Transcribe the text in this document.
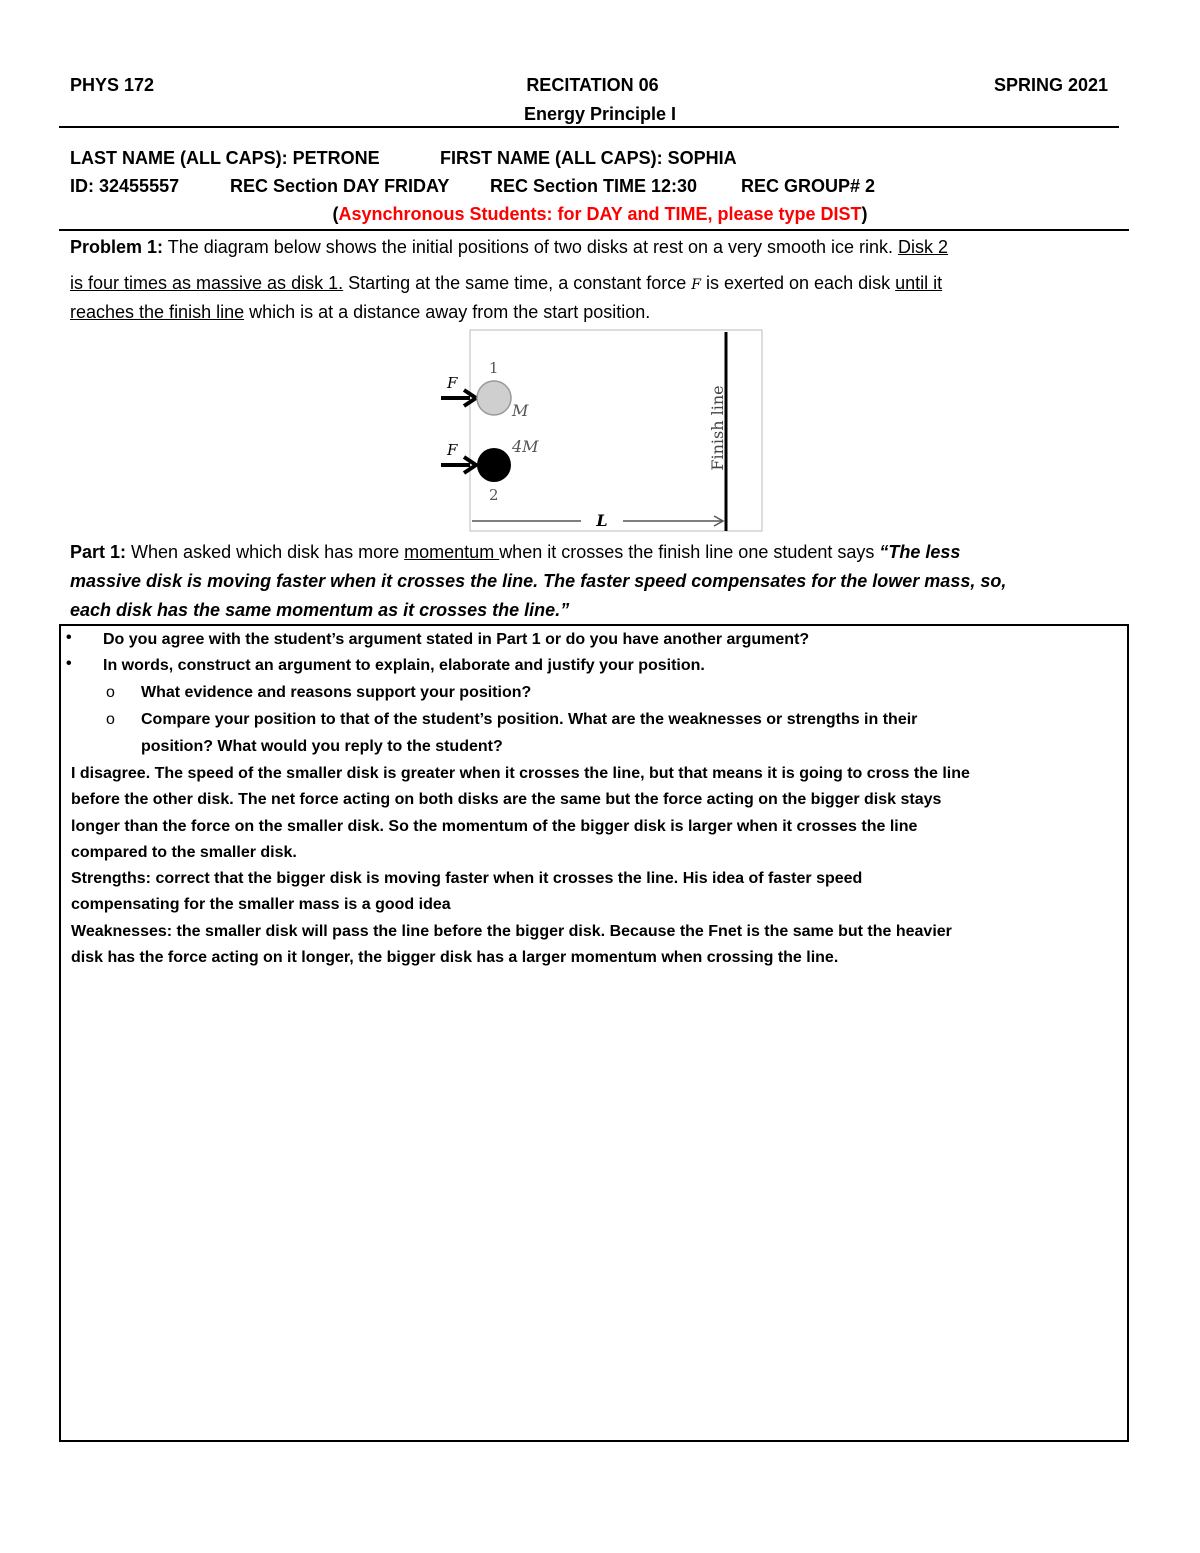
PHYS 172	RECITATION 06	SPRING 2021
Energy Principle I
LAST NAME (ALL CAPS): PETRONE	FIRST NAME (ALL CAPS): SOPHIA
ID: 32455557	REC Section DAY FRIDAY REC Section TIME 12:30 REC GROUP# 2
(Asynchronous Students: for DAY and TIME, please type DIST)
Problem 1: The diagram below shows the initial positions of two disks at rest on a very smooth ice rink. Disk 2
is four times as massive as disk 1. Starting at the same time, a constant force F is exerted on each disk until it
reaches the finish line which is at a distance away from the start position.
Finish line
F
1
M
F	4M
2
L
Part 1: When asked which disk has more momentum when it crosses the finish line one student says “The less
massive disk is moving faster when it crosses the line. The faster speed compensates for the lower mass, so,
each disk has the same momentum as it crosses the line.”
• Do you agree with the student’s argument stated in Part 1 or do you have another argument?
• In words, construct an argument to explain, elaborate and justify your position.
o What evidence and reasons support your position?
o Compare your position to that of the student’s position. What are the weaknesses or strengths in their
position? What would you reply to the student?
I disagree. The speed of the smaller disk is greater when it crosses the line, but that means it is going to cross the line
before the other disk. The net force acting on both disks are the same but the force acting on the bigger disk stays
longer than the force on the smaller disk. So the momentum of the bigger disk is larger when it crosses the line
compared to the smaller disk.
Strengths: correct that the bigger disk is moving faster when it crosses the line. His idea of faster speed
compensating for the smaller mass is a good idea
Weaknesses: the smaller disk will pass the line before the bigger disk. Because the Fnet is the same but the heavier
disk has the force acting on it longer, the bigger disk has a larger momentum when crossing the line.
